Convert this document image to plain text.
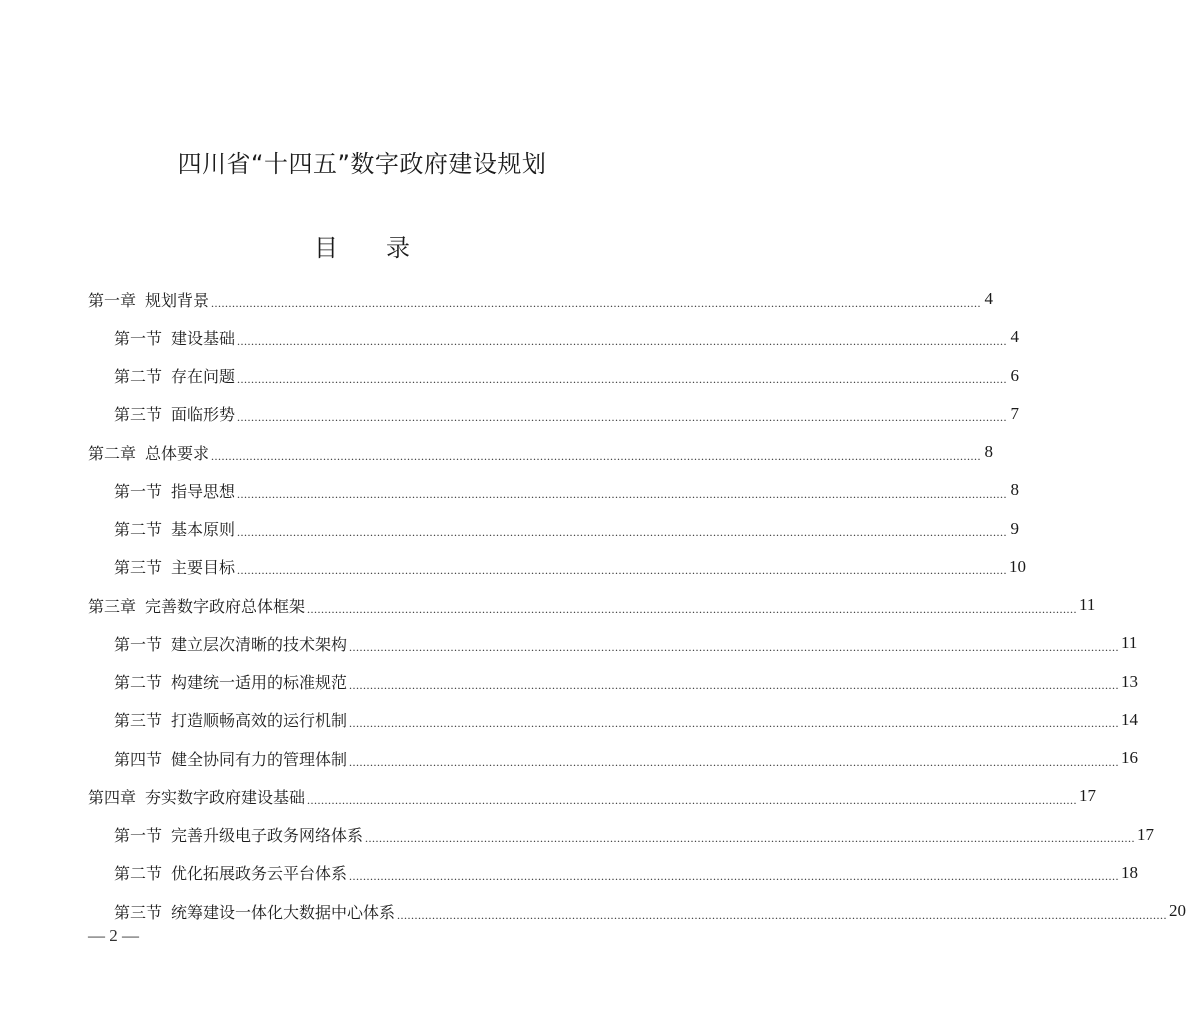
四川省“十四五”数字政府建设规划
目 录
第一章 规划背景 ............................................................................................................................................................................................................................ 4
第一节 建设基础 ............................................................................................................................................................................................................................ 4
第二节 存在问题 ............................................................................................................................................................................................................................ 6
第三节 面临形势 ............................................................................................................................................................................................................................ 7
第二章 总体要求 ............................................................................................................................................................................................................................ 8
第一节 指导思想 ............................................................................................................................................................................................................................ 8
第二节 基本原则 ............................................................................................................................................................................................................................ 9
第三节 主要目标 ............................................................................................................................................................................................................................ 10
第三章 完善数字政府总体框架 ............................................................................................................................................................................................................................ 11
第一节 建立层次清晰的技术架构 ............................................................................................................................................................................................................................ 11
第二节 构建统一适用的标准规范 ............................................................................................................................................................................................................................ 13
第三节 打造顺畅高效的运行机制 ............................................................................................................................................................................................................................ 14
第四节 健全协同有力的管理体制 ............................................................................................................................................................................................................................ 16
第四章 夯实数字政府建设基础 ............................................................................................................................................................................................................................ 17
第一节 完善升级电子政务网络体系 ............................................................................................................................................................................................................................ 17
第二节 优化拓展政务云平台体系 ............................................................................................................................................................................................................................ 18
第三节 统筹建设一体化大数据中心体系 ............................................................................................................................................................................................................................ 20
— 2 —
